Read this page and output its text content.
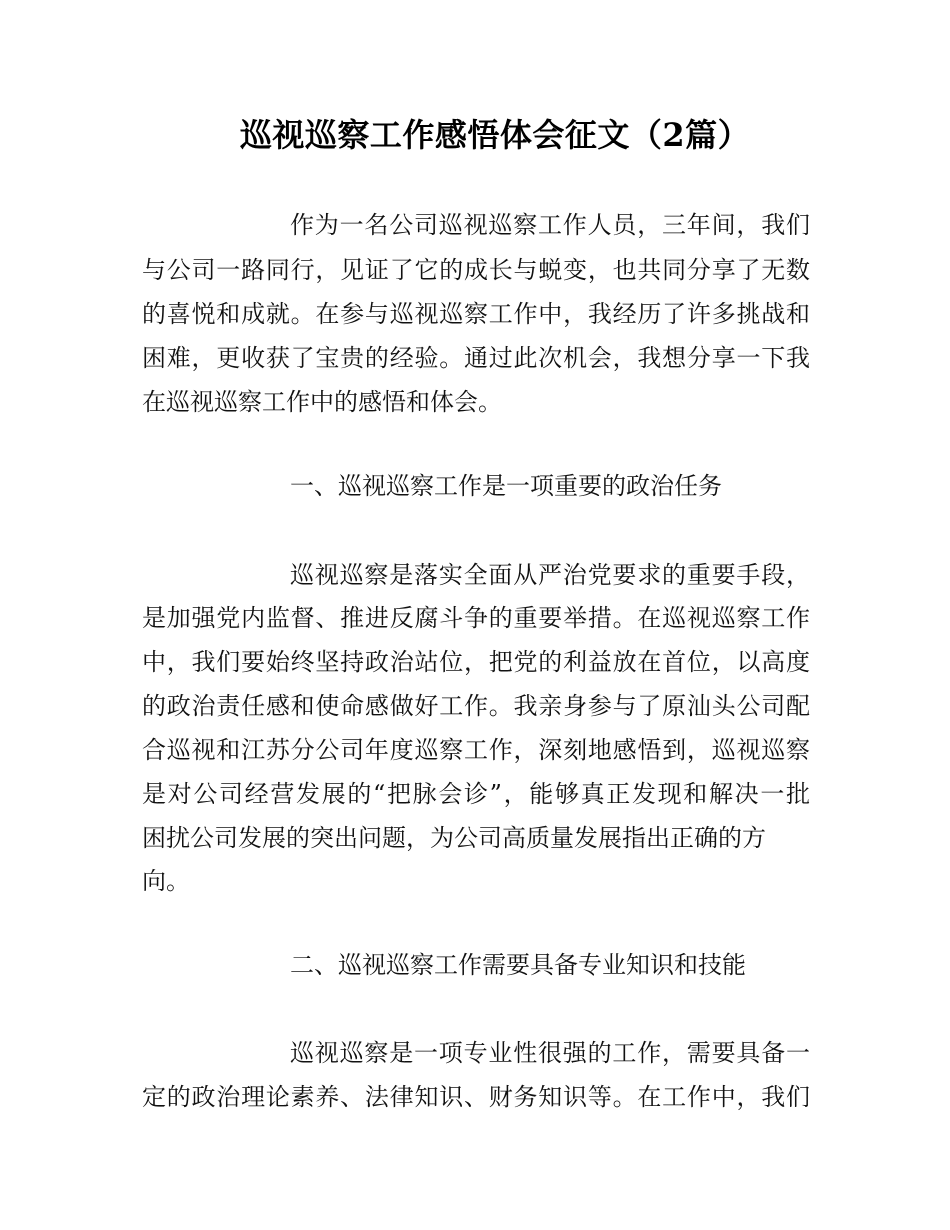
巡视巡察工作感悟体会征文（2篇）

作为一名公司巡视巡察工作人员，三年间，我们

与公司一路同行，见证了它的成长与蜕变，也共同分享了无数

的喜悦和成就。在参与巡视巡察工作中，我经历了许多挑战和

困难，更收获了宝贵的经验。通过此次机会，我想分享一下我

在巡视巡察工作中的感悟和体会。

一、巡视巡察工作是一项重要的政治任务

巡视巡察是落实全面从严治党要求的重要手段，

是加强党内监督、推进反腐斗争的重要举措。在巡视巡察工作

中，我们要始终坚持政治站位，把党的利益放在首位，以高度

的政治责任感和使命感做好工作。我亲身参与了原汕头公司配

合巡视和江苏分公司年度巡察工作，深刻地感悟到，巡视巡察

是对公司经营发展的“把脉会诊”，能够真正发现和解决一批

困扰公司发展的突出问题，为公司高质量发展指出正确的方

向。

二、巡视巡察工作需要具备专业知识和技能

巡视巡察是一项专业性很强的工作，需要具备一

定的政治理论素养、法律知识、财务知识等。在工作中，我们
